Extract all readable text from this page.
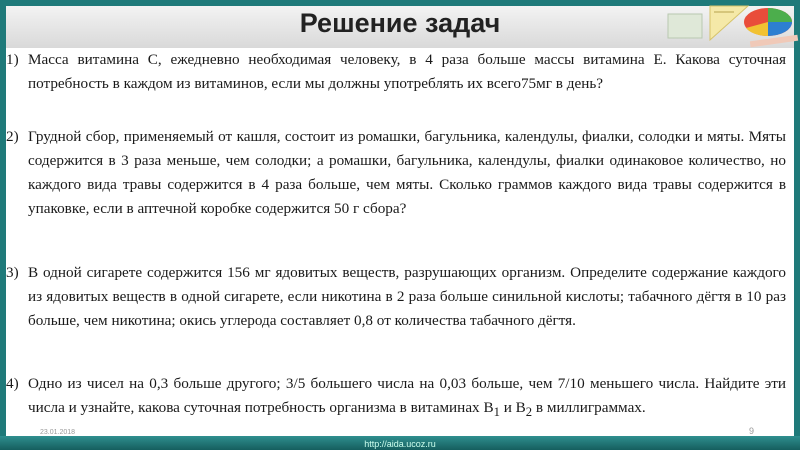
Решение задач
1) Масса витамина С, ежедневно необходимая человеку, в 4 раза больше массы витамина Е. Какова суточная потребность в каждом из витаминов, если мы должны употреблять их всего75мг в день?

2) Грудной сбор, применяемый от кашля, состоит из ромашки, багульника, календулы, фиалки, солодки и мяты. Мяты содержится в 3 раза меньше, чем солодки; а ромашки, багульника, календулы, фиалки одинаковое количество, но каждого вида травы содержится в 4 раза больше, чем мяты. Сколько граммов каждого вида травы содержится в упаковке, если в аптечной коробке содержится 50 г сбора?

3) В одной сигарете содержится 156 мг ядовитых веществ, разрушающих организм. Определите содержание каждого из ядовитых веществ в одной сигарете, если никотина в 2 раза больше синильной кислоты; табачного дёгтя в 10 раз больше, чем никотина; окись углерода составляет 0,8 от количества табачного дёгтя.

4) Одно из чисел на 0,3 больше другого; 3/5 большего числа на 0,03 больше, чем 7/10 меньшего числа. Найдите эти числа и узнайте, какова суточная потребность организма в витаминах $В_1$ и $В_2$ в миллиграммах.

23.01.2018	9
http://aida.ucoz.ru
